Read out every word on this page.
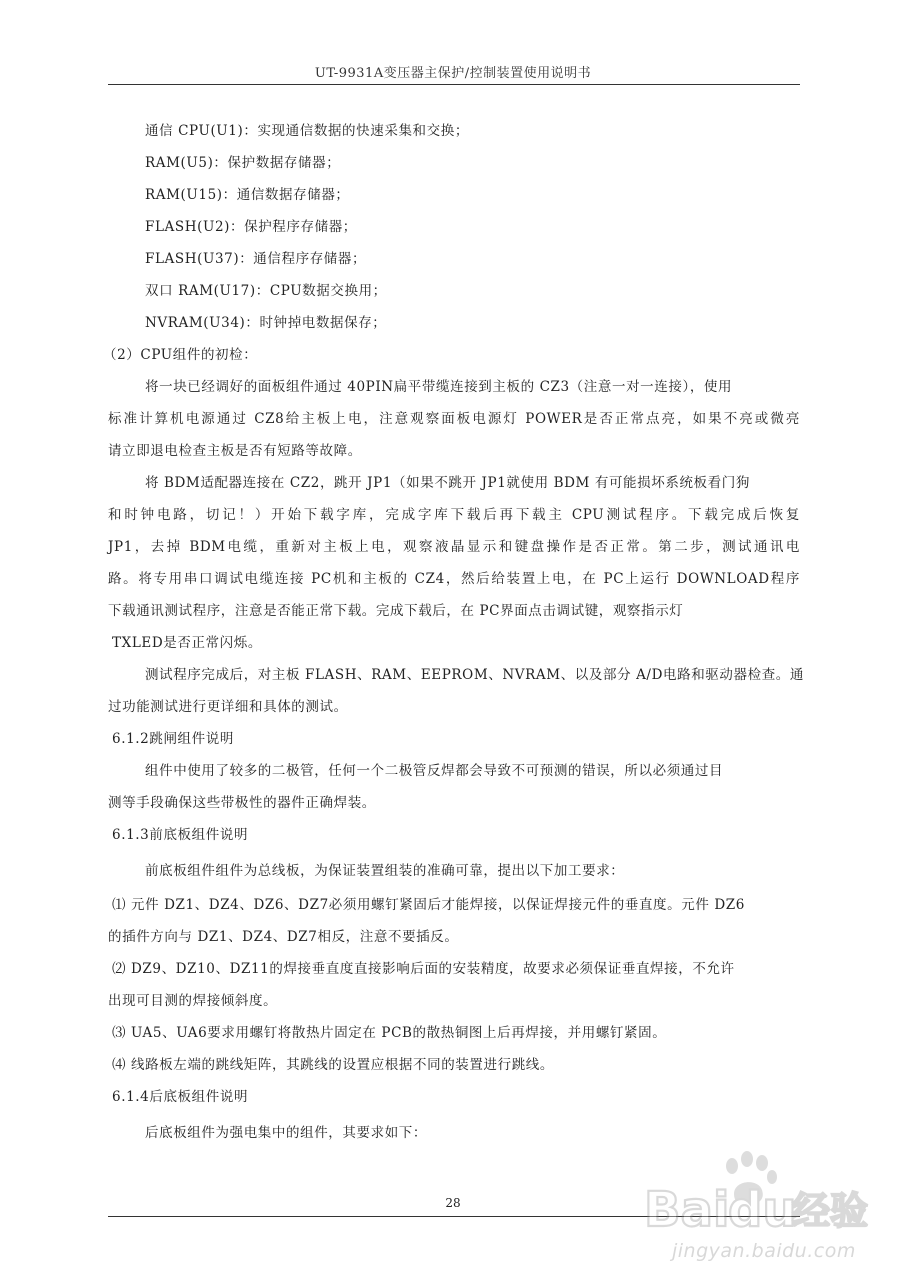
UT-9931A变压器主保护/控制装置使用说明书
通信 CPU(U1)：实现通信数据的快速采集和交换；
RAM(U5)：保护数据存储器；
RAM(U15)：通信数据存储器；
FLASH(U2)：保护程序存储器；
FLASH(U37)：通信程序存储器；
双口 RAM(U17)：CPU数据交换用；
NVRAM(U34)：时钟掉电数据保存；
（2）CPU组件的初检：
将一块已经调好的面板组件通过 40PIN扁平带缆连接到主板的 CZ3（注意一对一连接），使用
标准计算机电源通过 CZ8给主板上电，注意观察面板电源灯 POWER是否正常点亮，如果不亮或微亮
请立即退电检查主板是否有短路等故障。
将 BDM适配器连接在 CZ2，跳开 JP1（如果不跳开 JP1就使用 BDM 有可能损坏系统板看门狗
和时钟电路，切记！）开始下载字库，完成字库下载后再下载主 CPU测试程序。下载完成后恢复
JP1，去掉 BDM电缆，重新对主板上电，观察液晶显示和键盘操作是否正常。第二步，测试通讯电
路。将专用串口调试电缆连接 PC机和主板的 CZ4，然后给装置上电，在 PC上运行 DOWNLOAD程序
下载通讯测试程序，注意是否能正常下载。完成下载后，在 PC界面点击调试键，观察指示灯
TXLED是否正常闪烁。
测试程序完成后，对主板 FLASH、RAM、EEPROM、NVRAM、以及部分 A/D电路和驱动器检查。通
过功能测试进行更详细和具体的测试。
6.1.2跳闸组件说明
组件中使用了较多的二极管，任何一个二极管反焊都会导致不可预测的错误，所以必须通过目
测等手段确保这些带极性的器件正确焊装。
6.1.3前底板组件说明
前底板组件组件为总线板，为保证装置组装的准确可靠，提出以下加工要求：
⑴ 元件 DZ1、DZ4、DZ6、DZ7必须用螺钉紧固后才能焊接，以保证焊接元件的垂直度。元件 DZ6
的插件方向与 DZ1、DZ4、DZ7相反，注意不要插反。
⑵ DZ9、DZ10、DZ11的焊接垂直度直接影响后面的安装精度，故要求必须保证垂直焊接，不允许
出现可目测的焊接倾斜度。
⑶ UA5、UA6要求用螺钉将散热片固定在 PCB的散热铜图上后再焊接，并用螺钉紧固。
⑷ 线路板左端的跳线矩阵，其跳线的设置应根据不同的装置进行跳线。
6.1.4后底板组件说明
后底板组件为强电集中的组件，其要求如下：
28	Bai
du
经验
jingyan.baidu.com
